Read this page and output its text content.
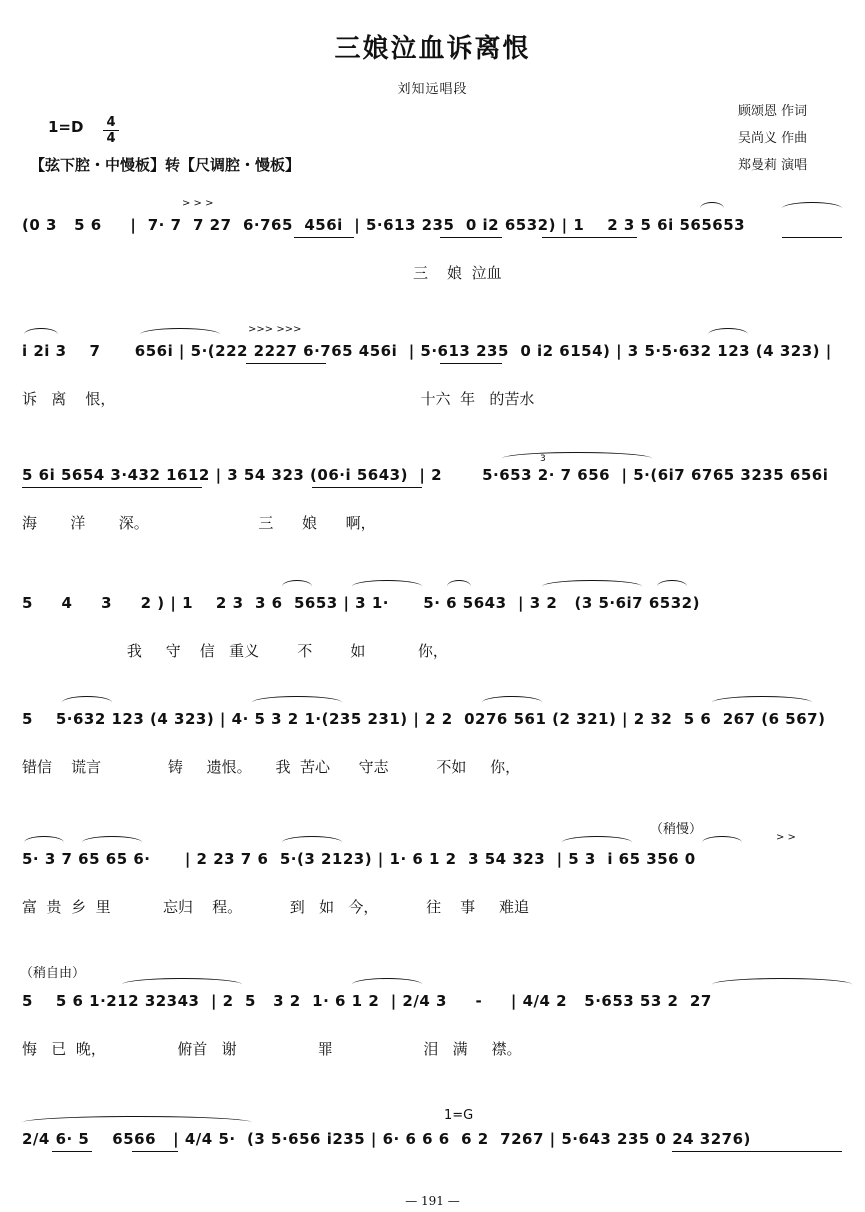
三娘泣血诉离恨
刘知远唱段
1=D 4
4
【弦下腔・中慢板】转【尺调腔・慢板】
顾颂恩 作词
吴尚义 作曲
郑曼莉 演唱
(0 3   5 6     |  7· 7  7 27  6·765  456i  | 5·613 235  0 i2 6532) | 1    2 3 5 6i 565653
三    娘  泣血
> > >
i 2i 3    7      656i | 5·(222 2227 6·765 456i  | 5·613 235  0 i2 6154) | 3 5·5·632 123 (4 323) |
诉   离    恨，                                                                十六  年   的苦水
>>> >>>
5 6i 5654 3·432 1612 | 3 54 323 (06·i 5643)  | 2       5·653 2· 7 656  | 5·(6i7 6765 3235 656i
海       洋       深。                       三      娘      啊，
3
5     4     3     2 ) | 1    2 3  3 6  5653 | 3 1·      5· 6 5643  | 3 2   (3 5·6i7 6532)
我     守    信   重义        不        如           你，
5    5·632 123 (4 323) | 4· 5 3 2 1·(235 231) | 2 2  0276 561 (2 321) | 2 32  5 6  267 (6 567)
错信    谎言              铸     遗恨。     我  苦心      守志          不如     你，
（稍慢）
5· 3 7 65 65 6·      | 2 23 7 6  5·(3 2123) | 1· 6 1 2  3 54 323  | 5 3  i 65 356 0
富  贵  乡  里           忘归    程。          到   如   今，          往    事     难追
> >
（稍自由）
5    5 6 1·212 32343  | 2  5   3 2  1· 6 1 2  | 2/4 3     -     | 4/4 2   5·653 53 2  27
悔   已  晚，               俯首   谢                 罪                   泪   满     襟。
1=G
2/4 6· 5    6566   | 4/4 5·  (3 5·656 i235 | 6· 6 6 6  6 2  7267 | 5·643 235 0 24 3276)
— 191 —
